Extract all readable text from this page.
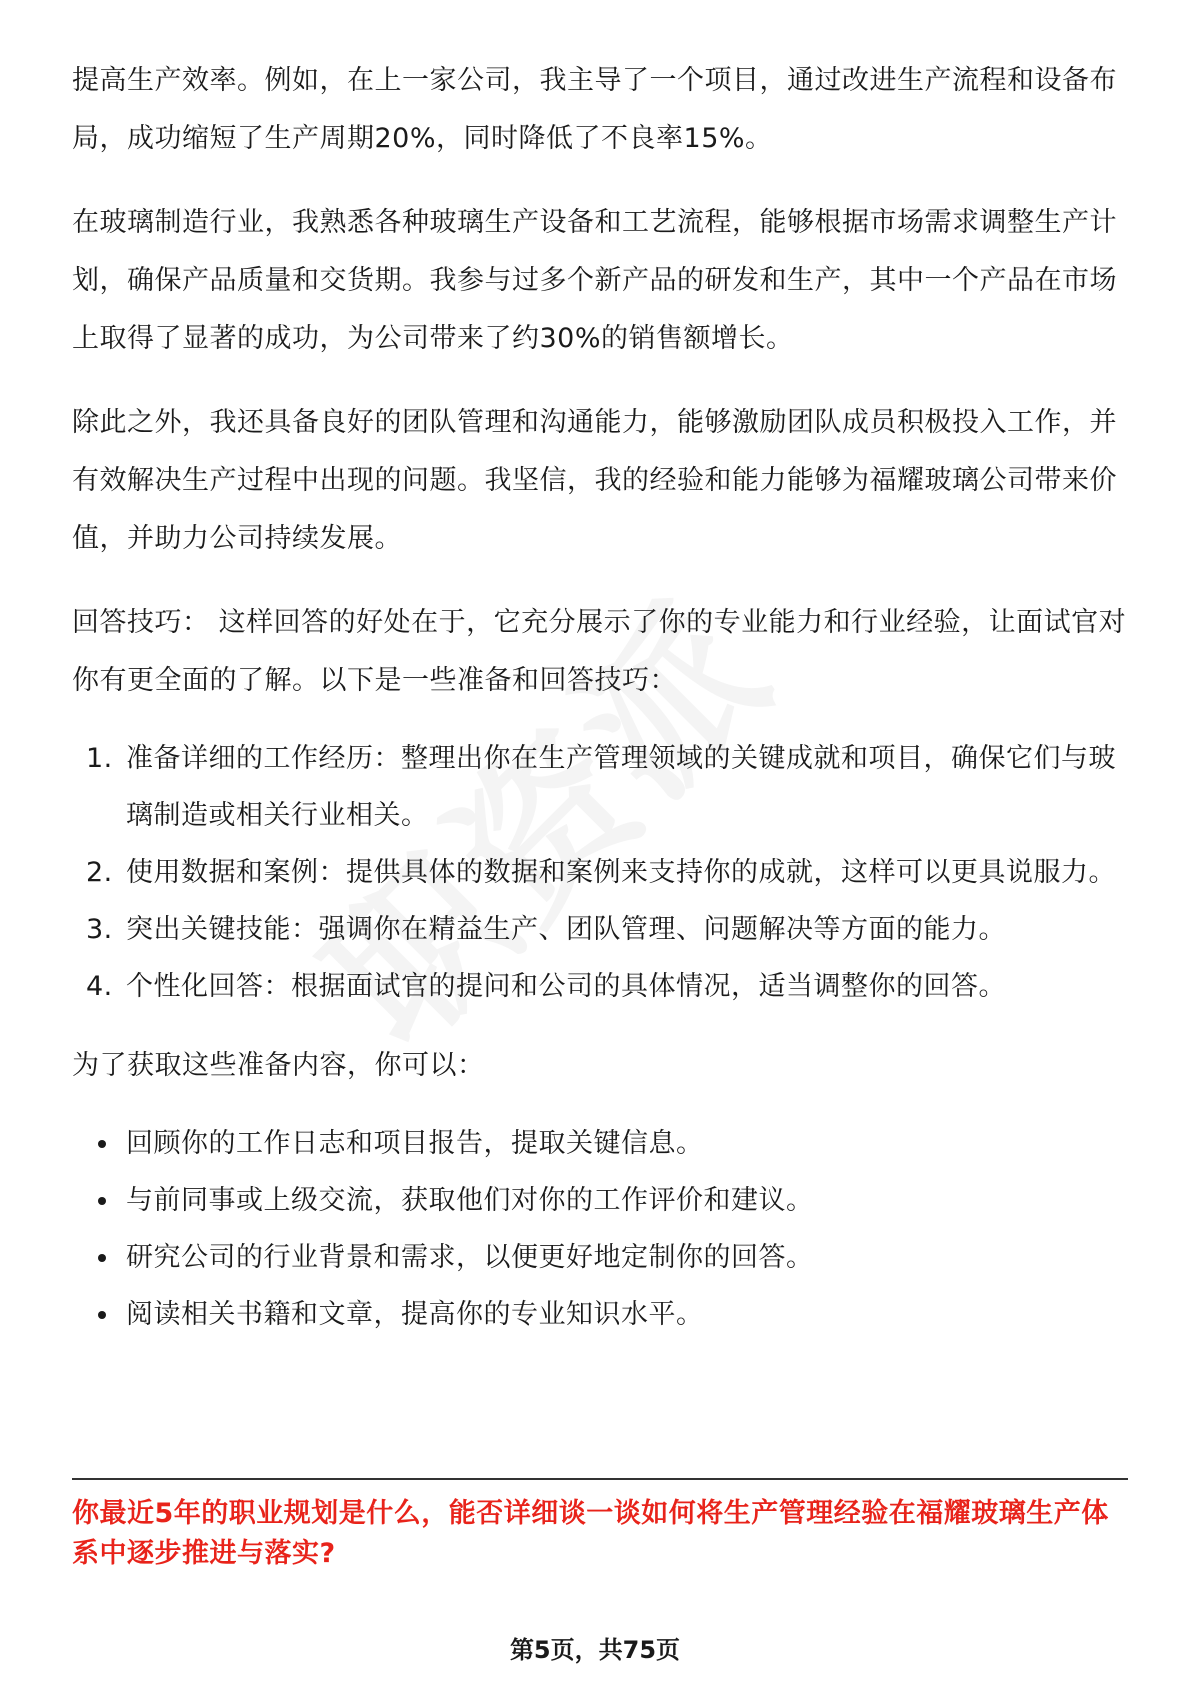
提高生产效率。例如，在上一家公司，我主导了一个项目，通过改进生产流程和设备布局，成功缩短了生产周期20%，同时降低了不良率15%。

在玻璃制造行业，我熟悉各种玻璃生产设备和工艺流程，能够根据市场需求调整生产计划，确保产品质量和交货期。我参与过多个新产品的研发和生产，其中一个产品在市场上取得了显著的成功，为公司带来了约30%的销售额增长。

除此之外，我还具备良好的团队管理和沟通能力，能够激励团队成员积极投入工作，并有效解决生产过程中出现的问题。我坚信，我的经验和能力能够为福耀玻璃公司带来价值，并助力公司持续发展。

回答技巧： 这样回答的好处在于，它充分展示了你的专业能力和行业经验，让面试官对你有更全面的了解。以下是一些准备和回答技巧：

1. 准备详细的工作经历：整理出你在生产管理领域的关键成就和项目，确保它们与玻璃制造或相关行业相关。
2. 使用数据和案例：提供具体的数据和案例来支持你的成就，这样可以更具说服力。
3. 突出关键技能：强调你在精益生产、团队管理、问题解决等方面的能力。
4. 个性化回答：根据面试官的提问和公司的具体情况，适当调整你的回答。

为了获取这些准备内容，你可以：

回顾你的工作日志和项目报告，提取关键信息。
与前同事或上级交流，获取他们对你的工作评价和建议。
研究公司的行业背景和需求，以便更好地定制你的回答。
阅读相关书籍和文章，提高你的专业知识水平。
你最近5年的职业规划是什么，能否详细谈一谈如何将生产管理经验在福耀玻璃生产体系中逐步推进与落实?
第5页，共75页
